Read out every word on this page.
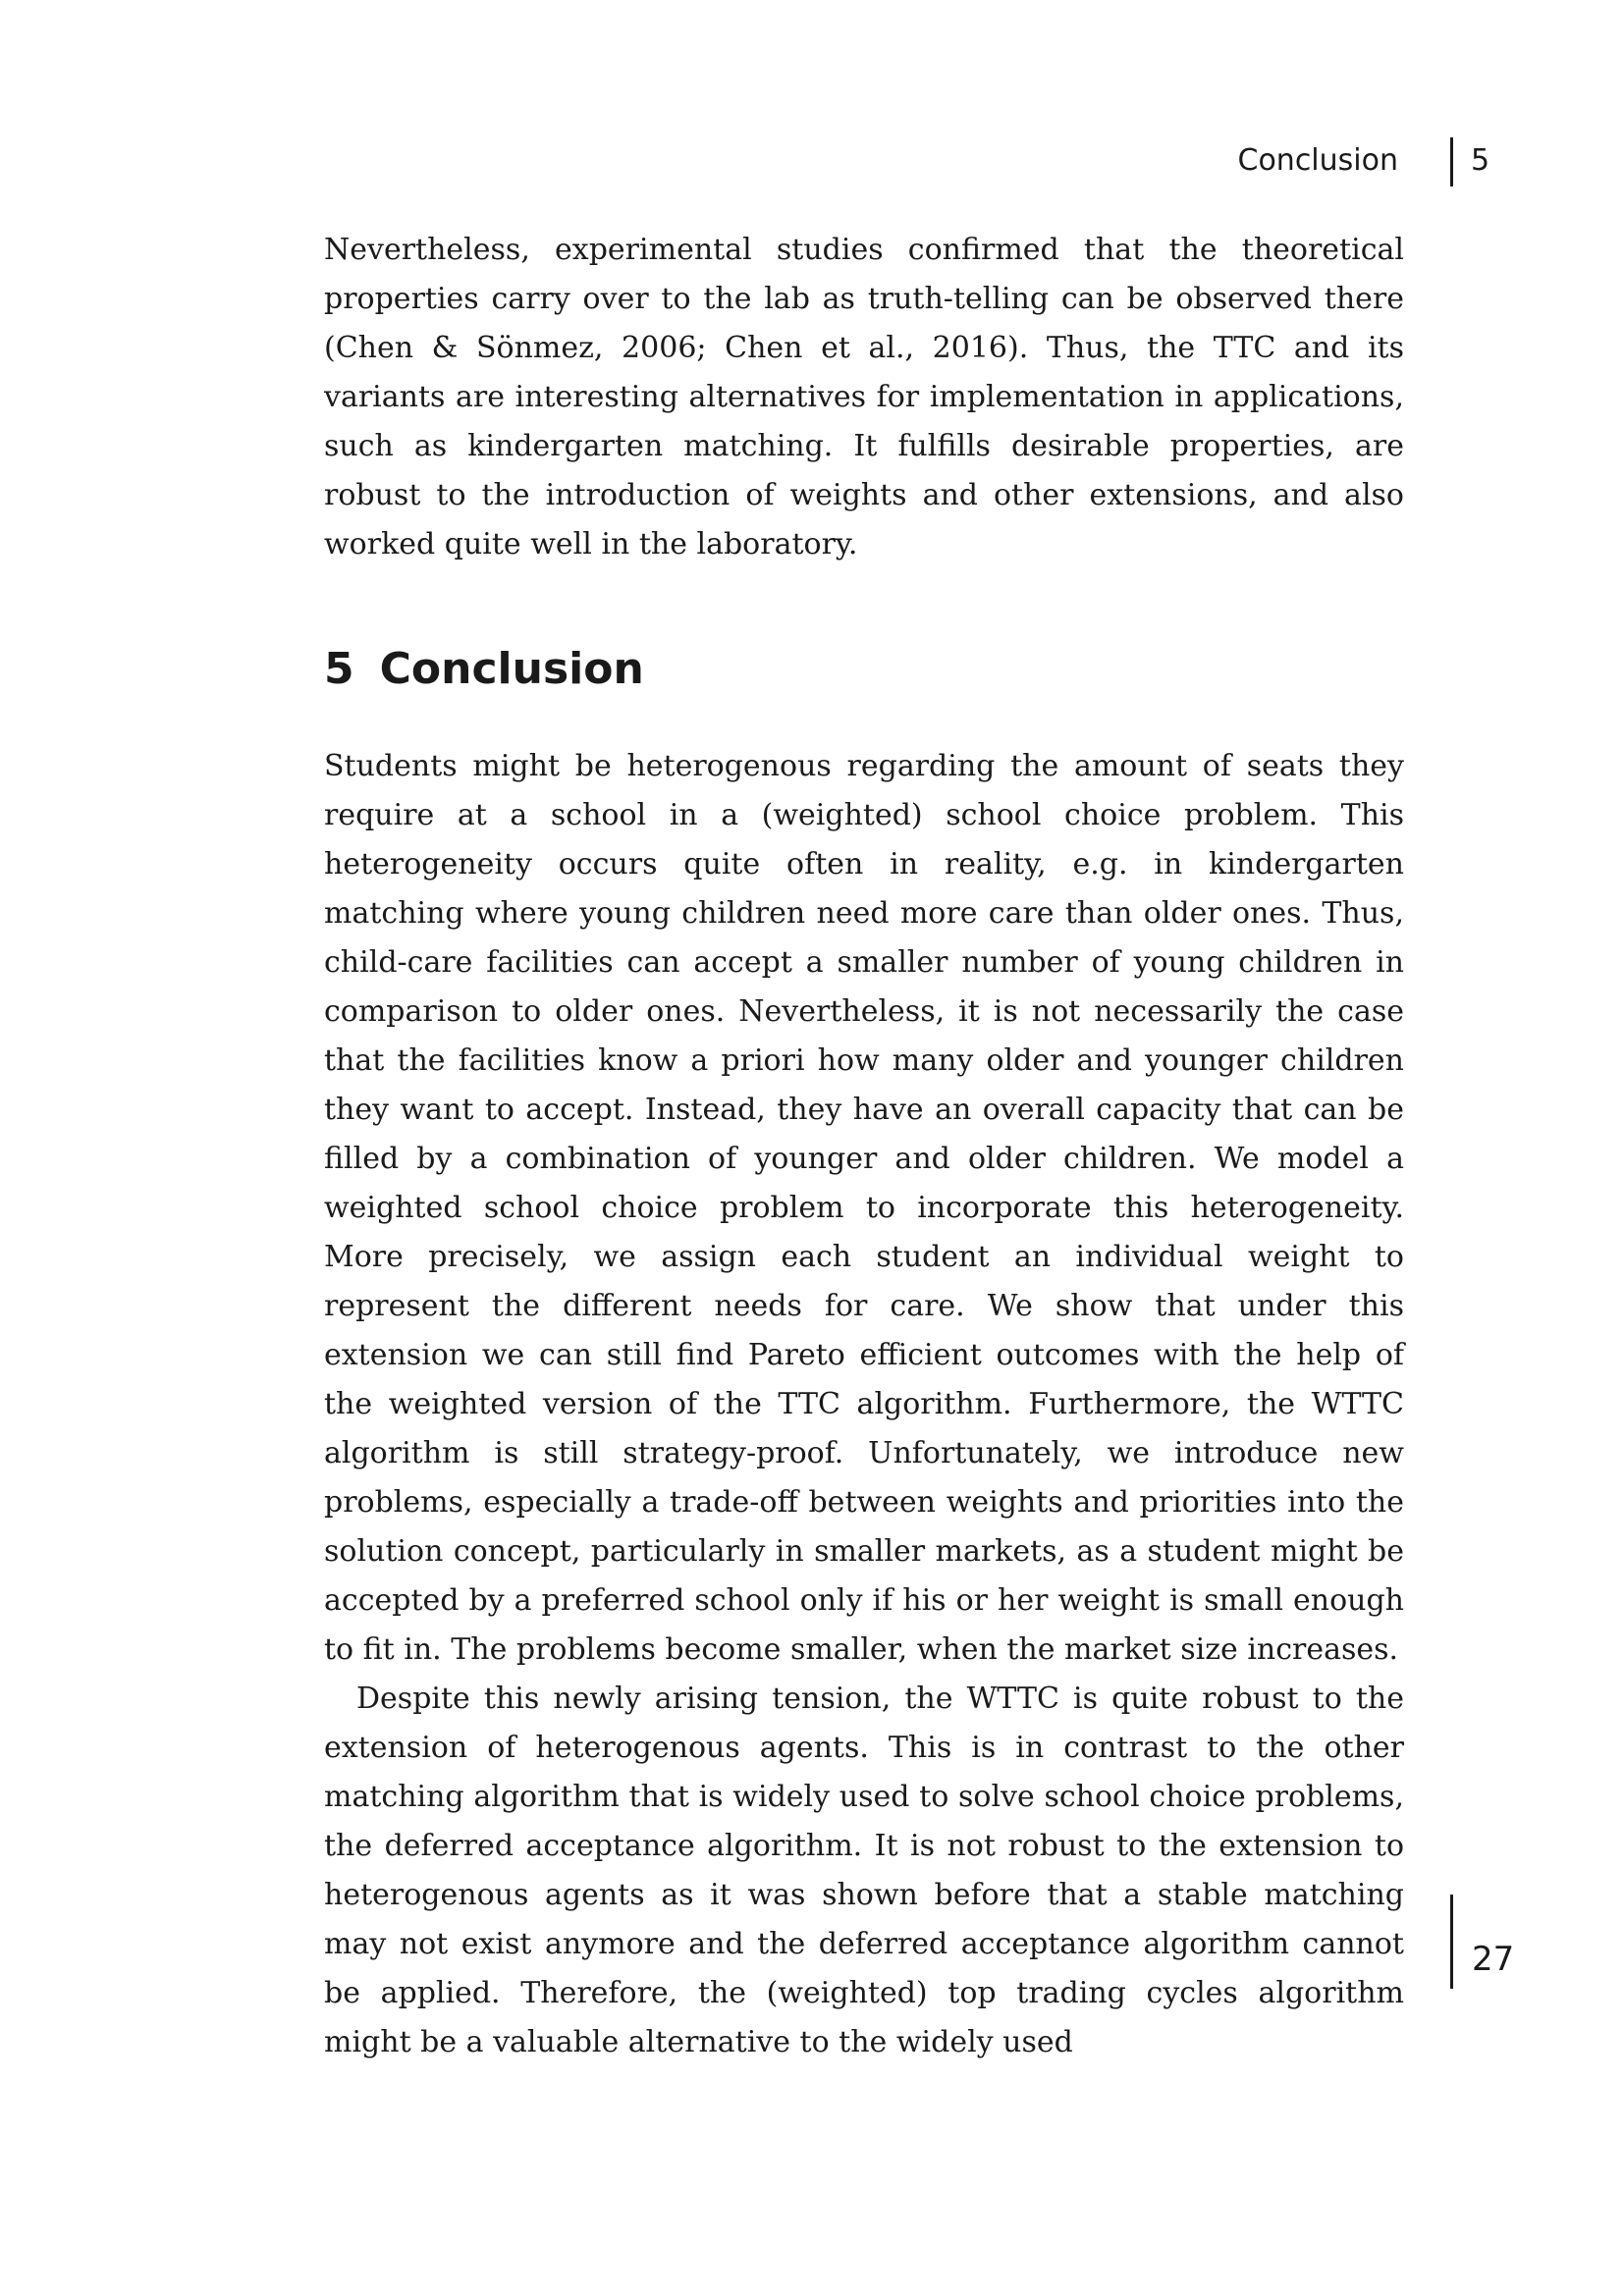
Conclusion 5

Nevertheless, experimental studies confirmed that the theoretical properties carry over to the lab as truth-telling can be observed there (Chen & Sönmez, 2006; Chen et al., 2016). Thus, the TTC and its variants are interesting alternatives for implementation in applications, such as kindergarten matching. It fulfills desirable properties, are robust to the introduction of weights and other extensions, and also worked quite well in the laboratory.

5 Conclusion

Students might be heterogenous regarding the amount of seats they require at a school in a (weighted) school choice problem. This heterogeneity occurs quite often in reality, e.g. in kindergarten matching where young children need more care than older ones. Thus, child-care facilities can accept a smaller number of young children in comparison to older ones. Nevertheless, it is not necessarily the case that the facilities know a priori how many older and younger children they want to accept. Instead, they have an overall capacity that can be filled by a combination of younger and older children. We model a weighted school choice problem to incorporate this heterogeneity. More precisely, we assign each student an individual weight to represent the different needs for care. We show that under this extension we can still find Pareto efficient outcomes with the help of the weighted version of the TTC algorithm. Furthermore, the WTTC algorithm is still strategy-proof. Unfortunately, we introduce new problems, especially a trade-off between weights and priorities into the solution concept, particularly in smaller markets, as a student might be accepted by a preferred school only if his or her weight is small enough to fit in. The problems become smaller, when the market size increases.

Despite this newly arising tension, the WTTC is quite robust to the extension of heterogenous agents. This is in contrast to the other matching algorithm that is widely used to solve school choice problems, the deferred acceptance algorithm. It is not robust to the extension to heterogenous agents as it was shown before that a stable matching may not exist anymore and the deferred acceptance algorithm cannot be applied. Therefore, the (weighted) top trading cycles algorithm might be a valuable alternative to the widely used

27
